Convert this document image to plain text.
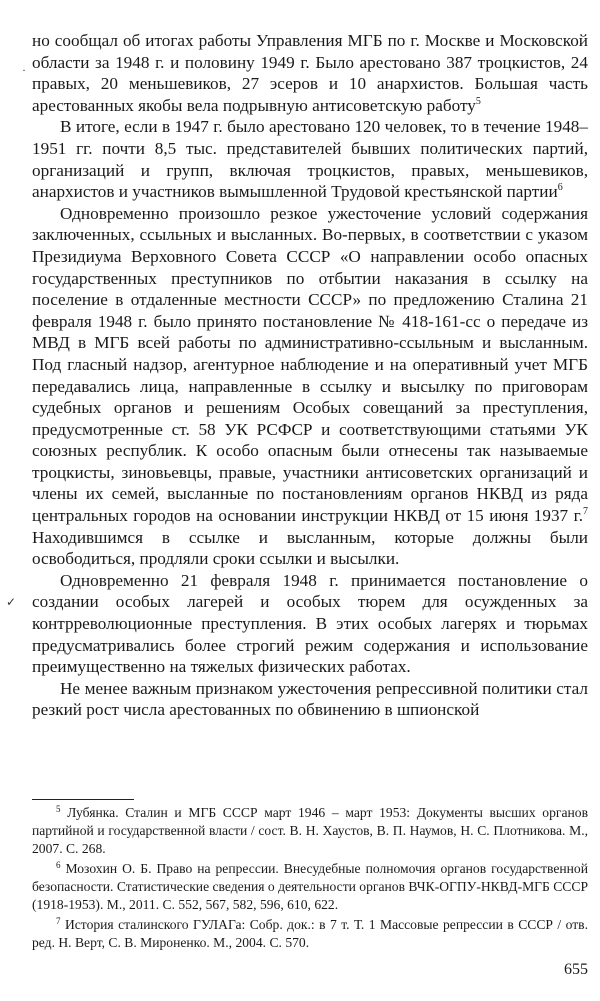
но сообщал об итогах работы Управления МГБ по г. Москве и Московской области за 1948 г. и половину 1949 г. Было арестовано 387 троцкистов, 24 правых, 20 меньшевиков, 27 эсеров и 10 анархистов. Большая часть арестованных якобы вела подрывную антисоветскую работу$^5$

В итоге, если в 1947 г. было арестовано 120 человек, то в течение 1948–1951 гг. почти 8,5 тыс. представителей бывших политических партий, организаций и групп, включая троцкистов, правых, меньшевиков, анархистов и участников вымышленной Трудовой крестьянской партии$^6$

Одновременно произошло резкое ужесточение условий содержания заключенных, ссыльных и высланных. Во-первых, в соответствии с указом Президиума Верховного Совета СССР «О направлении особо опасных государственных преступников по отбытии наказания в ссылку на поселение в отдаленные местности СССР» по предложению Сталина 21 февраля 1948 г. было принято постановление № 418-161-сс о передаче из МВД в МГБ всей работы по административно-ссыльным и высланным. Под гласный надзор, агентурное наблюдение и на оперативный учет МГБ передавались лица, направленные в ссылку и высылку по приговорам судебных органов и решениям Особых совещаний за преступления, предусмотренные ст. 58 УК РСФСР и соответствующими статьями УК союзных республик. К особо опасным были отнесены так называемые троцкисты, зиновьевцы, правые, участники антисоветских организаций и члены их семей, высланные по постановлениям органов НКВД из ряда центральных городов на основании инструкции НКВД от 15 июня 1937 г.$^7$ Находившимся в ссылке и высланным, которые должны были освободиться, продляли сроки ссылки и высылки.

Одновременно 21 февраля 1948 г. принимается постановление о создании особых лагерей и особых тюрем для осужденных за контрреволюционные преступления. В этих особых лагерях и тюрьмах предусматривались более строгий режим содержания и использование преимущественно на тяжелых физических работах.

Не менее важным признаком ужесточения репрессивной политики стал резкий рост числа арестованных по обвинению в шпионской

·
✓

$^5$ Лубянка. Сталин и МГБ СССР март 1946 – март 1953: Документы высших органов партийной и государственной власти / сост. В. Н. Хаустов, В. П. Наумов, Н. С. Плотникова. М., 2007. С. 268.

$^6$ Мозохин О. Б. Право на репрессии. Внесудебные полномочия органов государственной безопасности. Статистические сведения о деятельности органов ВЧК-ОГПУ-НКВД-МГБ СССР (1918-1953). М., 2011. С. 552, 567, 582, 596, 610, 622.

$^7$ История сталинского ГУЛАГа: Собр. док.: в 7 т. Т. 1 Массовые репрессии в СССР / отв. ред. Н. Верт, С. В. Мироненко. М., 2004. С. 570.

655
